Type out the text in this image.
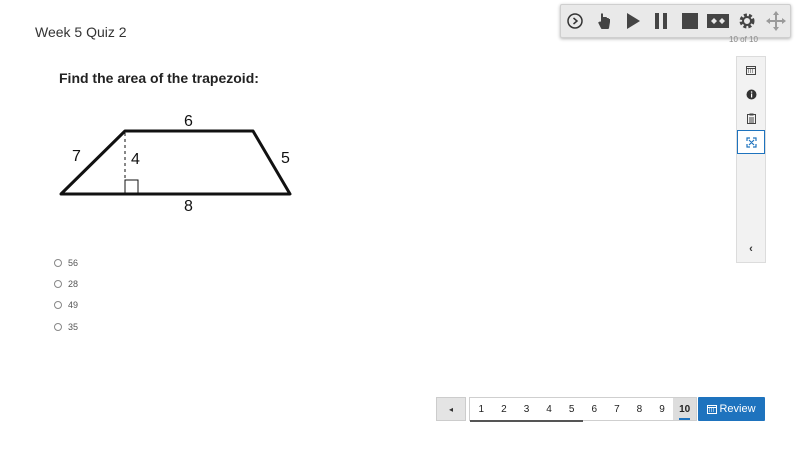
Week 5 Quiz 2	10 of 10
‹
Find the area of the trapezoid:
6
8
7	5
4
56
28
49
35
◂	1	2	3	4	5	6	7	8	9	10	Review
